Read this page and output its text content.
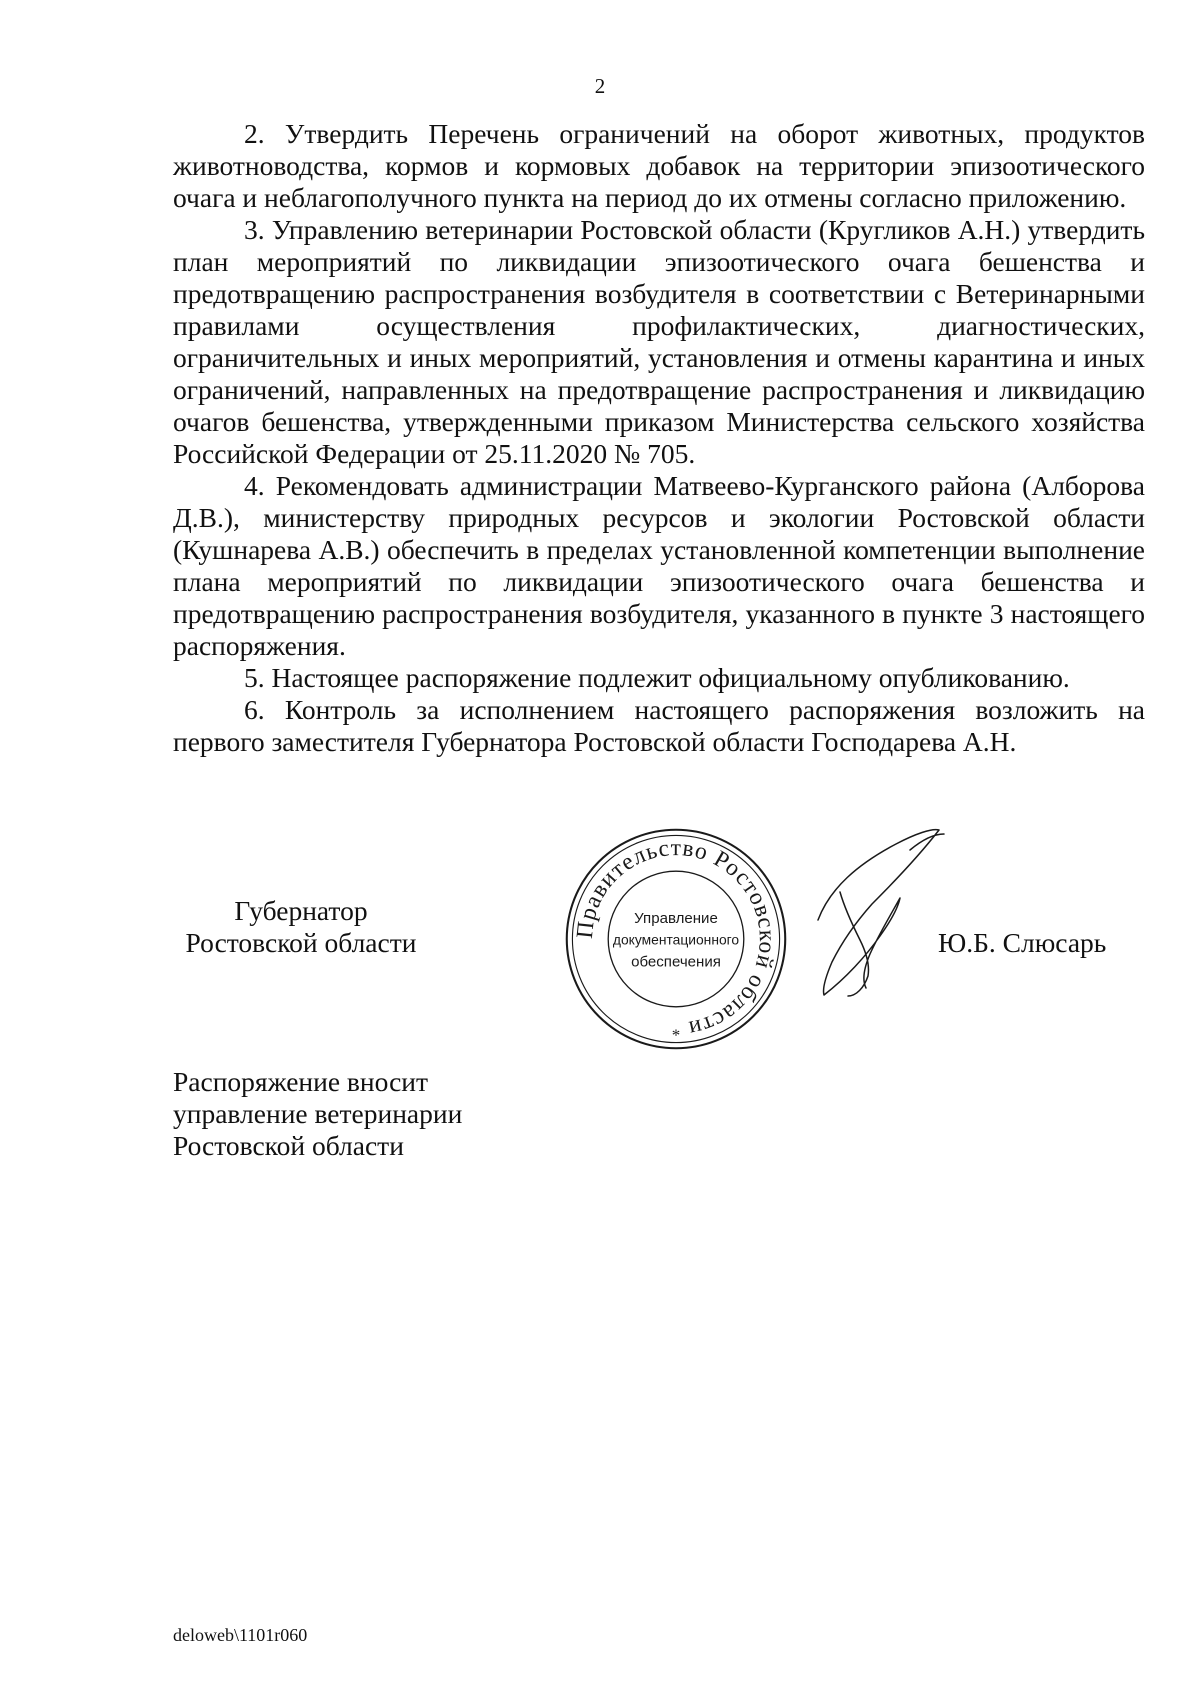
2

2. Утвердить Перечень ограничений на оборот животных, продуктов животноводства, кормов и кормовых добавок на территории эпизоотического очага и неблагополучного пункта на период до их отмены согласно приложению.

3. Управлению ветеринарии Ростовской области (Кругликов А.Н.) утвердить план мероприятий по ликвидации эпизоотического очага бешенства и предотвращению распространения возбудителя в соответствии с Ветеринарными правилами осуществления профилактических, диагностических, ограничительных и иных мероприятий, установления и отмены карантина и иных ограничений, направленных на предотвращение распространения и ликвидацию очагов бешенства, утвержденными приказом Министерства сельского хозяйства Российской Федерации от 25.11.2020 № 705.

4. Рекомендовать администрации Матвеево-Курганского района (Алборова Д.В.), министерству природных ресурсов и экологии Ростовской области (Кушнарева А.В.) обеспечить в пределах установленной компетенции выполнение плана мероприятий по ликвидации эпизоотического очага бешенства и предотвращению распространения возбудителя, указанного в пункте 3 настоящего распоряжения.

5. Настоящее распоряжение подлежит официальному опубликованию.

6. Контроль за исполнением настоящего распоряжения возложить на первого заместителя Губернатора Ростовской области Господарева А.Н.

Губернатор
Ростовской области	Правительство Ростовской области
Управление
документационного
обеспечения
*
Ю.Б. Слюсарь
Распоряжение вносит
управление ветеринарии
Ростовской области
deloweb\1101r060
